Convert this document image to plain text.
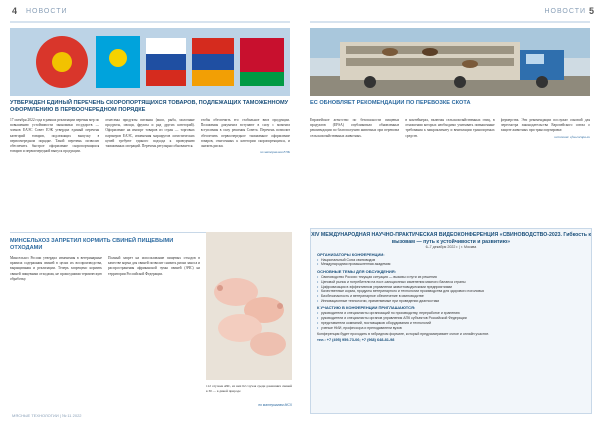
4 НОВОСТИ
УТВЕРЖДЕН ЕДИНЫЙ ПЕРЕЧЕНЬ СКОРОПОРТЯЩИХСЯ ТОВАРОВ, ПОДЛЕЖАЩИХ ТАМОЖЕННОМУ ОФОРМЛЕНИЮ В ПЕРВООЧЕРЕДНОМ ПОРЯДКЕ
17 октября 2022 года в рамках реализации перечня мер по повышению устойчивости экономики государств — членов ЕАЭС Совет ЕЭК утвердил единый перечень категорий товаров, подлежащих выпуску в первоочередном порядке. Такой перечень позволит обеспечить быстрое оформление скоропортящихся товаров и первоочередной выпуск продукции.
отнесены продукты питания (мясо, рыба, молочные продукты, овощи, фрукты и ряд других категорий). Оформление на импорт товаров из стран — торговых партнеров ЕАЭС, изменения маршрутов логистических цепей требуют единого подхода к проведению таможенных операций. Перечень регулярно обновляется.
чтобы обеспечить его стабильное ввоз продукции. Положения документа вступают в силу с момента вступления в силу решения Совета. Перечень позволит обеспечить первоочередное таможенное оформление товаров, отнесенных к категории скоропортящихся, и снизить риски.
по материалам ЕЭК
МИНСЕЛЬХОЗ ЗАПРЕТИЛ КОРМИТЬ СВИНЕЙ ПИЩЕВЫМИ ОТХОДАМИ
Минсельхоз России утвердил изменения в ветеринарные правила содержания свиней в целях их воспроизводства, выращивания и реализации. Теперь запрещено кормить свиней пищевыми отходами, не прошедшими термическую обработку.
Полный запрет на использование пищевых отходов в качестве корма для свиней позволит снизить риски заноса и распространения африканской чумы свиней (АЧС) на территории Российской Федерации.
112 случаев АЧС, из них 62 случая среди домашних свиней в 30 — в дикой природе
по материалам МСХ
МЯСНЫЕ ТЕХНОЛОГИИ | № 11 2022
НОВОСТИ 5
ЕС ОБНОВЛЯЕТ РЕКОМЕНДАЦИИ ПО ПЕРЕВОЗКЕ СКОТА
Европейское агентство по безопасности пищевых продуктов (EFSA) опубликовало обновленные рекомендации по благополучию животных при перевозке сельскохозяйственных животных.
в контейнерах, включая сельскохозяйственных птиц, в отношении которых необходимо учитывать повышенные требования к микроклимату и вентиляции транспортных средств.
фермерства. Эти рекомендации послужат основой для пересмотра законодательства Европейского союза о защите животных при транспортировке.
источник: efsa.europa.eu
XIV МЕЖДУНАРОДНАЯ НАУЧНО-ПРАКТИЧЕСКАЯ ВИДЕОКОНФЕРЕНЦИЯ «СВИНОВОДСТВО-2023. Гибкость к вызовам — путь к устойчивости и развитию»
6–7 декабря 2022 г. | г. Москва
ОРГАНИЗАТОРЫ КОНФЕРЕНЦИИ:
• Национальный Союз свиноводов
• Международная промышленная академия
ОСНОВНЫЕ ТЕМЫ ДЛЯ ОБСУЖДЕНИЯ:
• Свиноводство России: текущая ситуация — вызовы и пути их решения
• Ценовой рынок и потребители на пост-санкционных изменения мясного баланса страны
• Цифровизация в эффективном управлении животноводческими предприятиями
• Качественные корма, продукты ветеринарного и технологии производства для здорового поголовья
• Биобезопасность и ветеринарное обеспечение в свиноводстве
• Инновационные технологии, применяемые при проведении диагностики
К УЧАСТИЮ В КОНФЕРЕНЦИИ ПРИГЛАШАЮТСЯ:
• руководители и специалисты организаций по производству, переработке и хранению
• руководители и специалисты органов управления АПК субъектов Российской Федерации
• представители компаний, поставщиков оборудования и технологий
• ученые НИИ, профессора и преподаватели вузов
Конференция будет проходить в гибридном формате, который предусматривает очное и онлайн участие.
тел.: +7 (495) 959-73-06; +7 (968) 648-81-98
